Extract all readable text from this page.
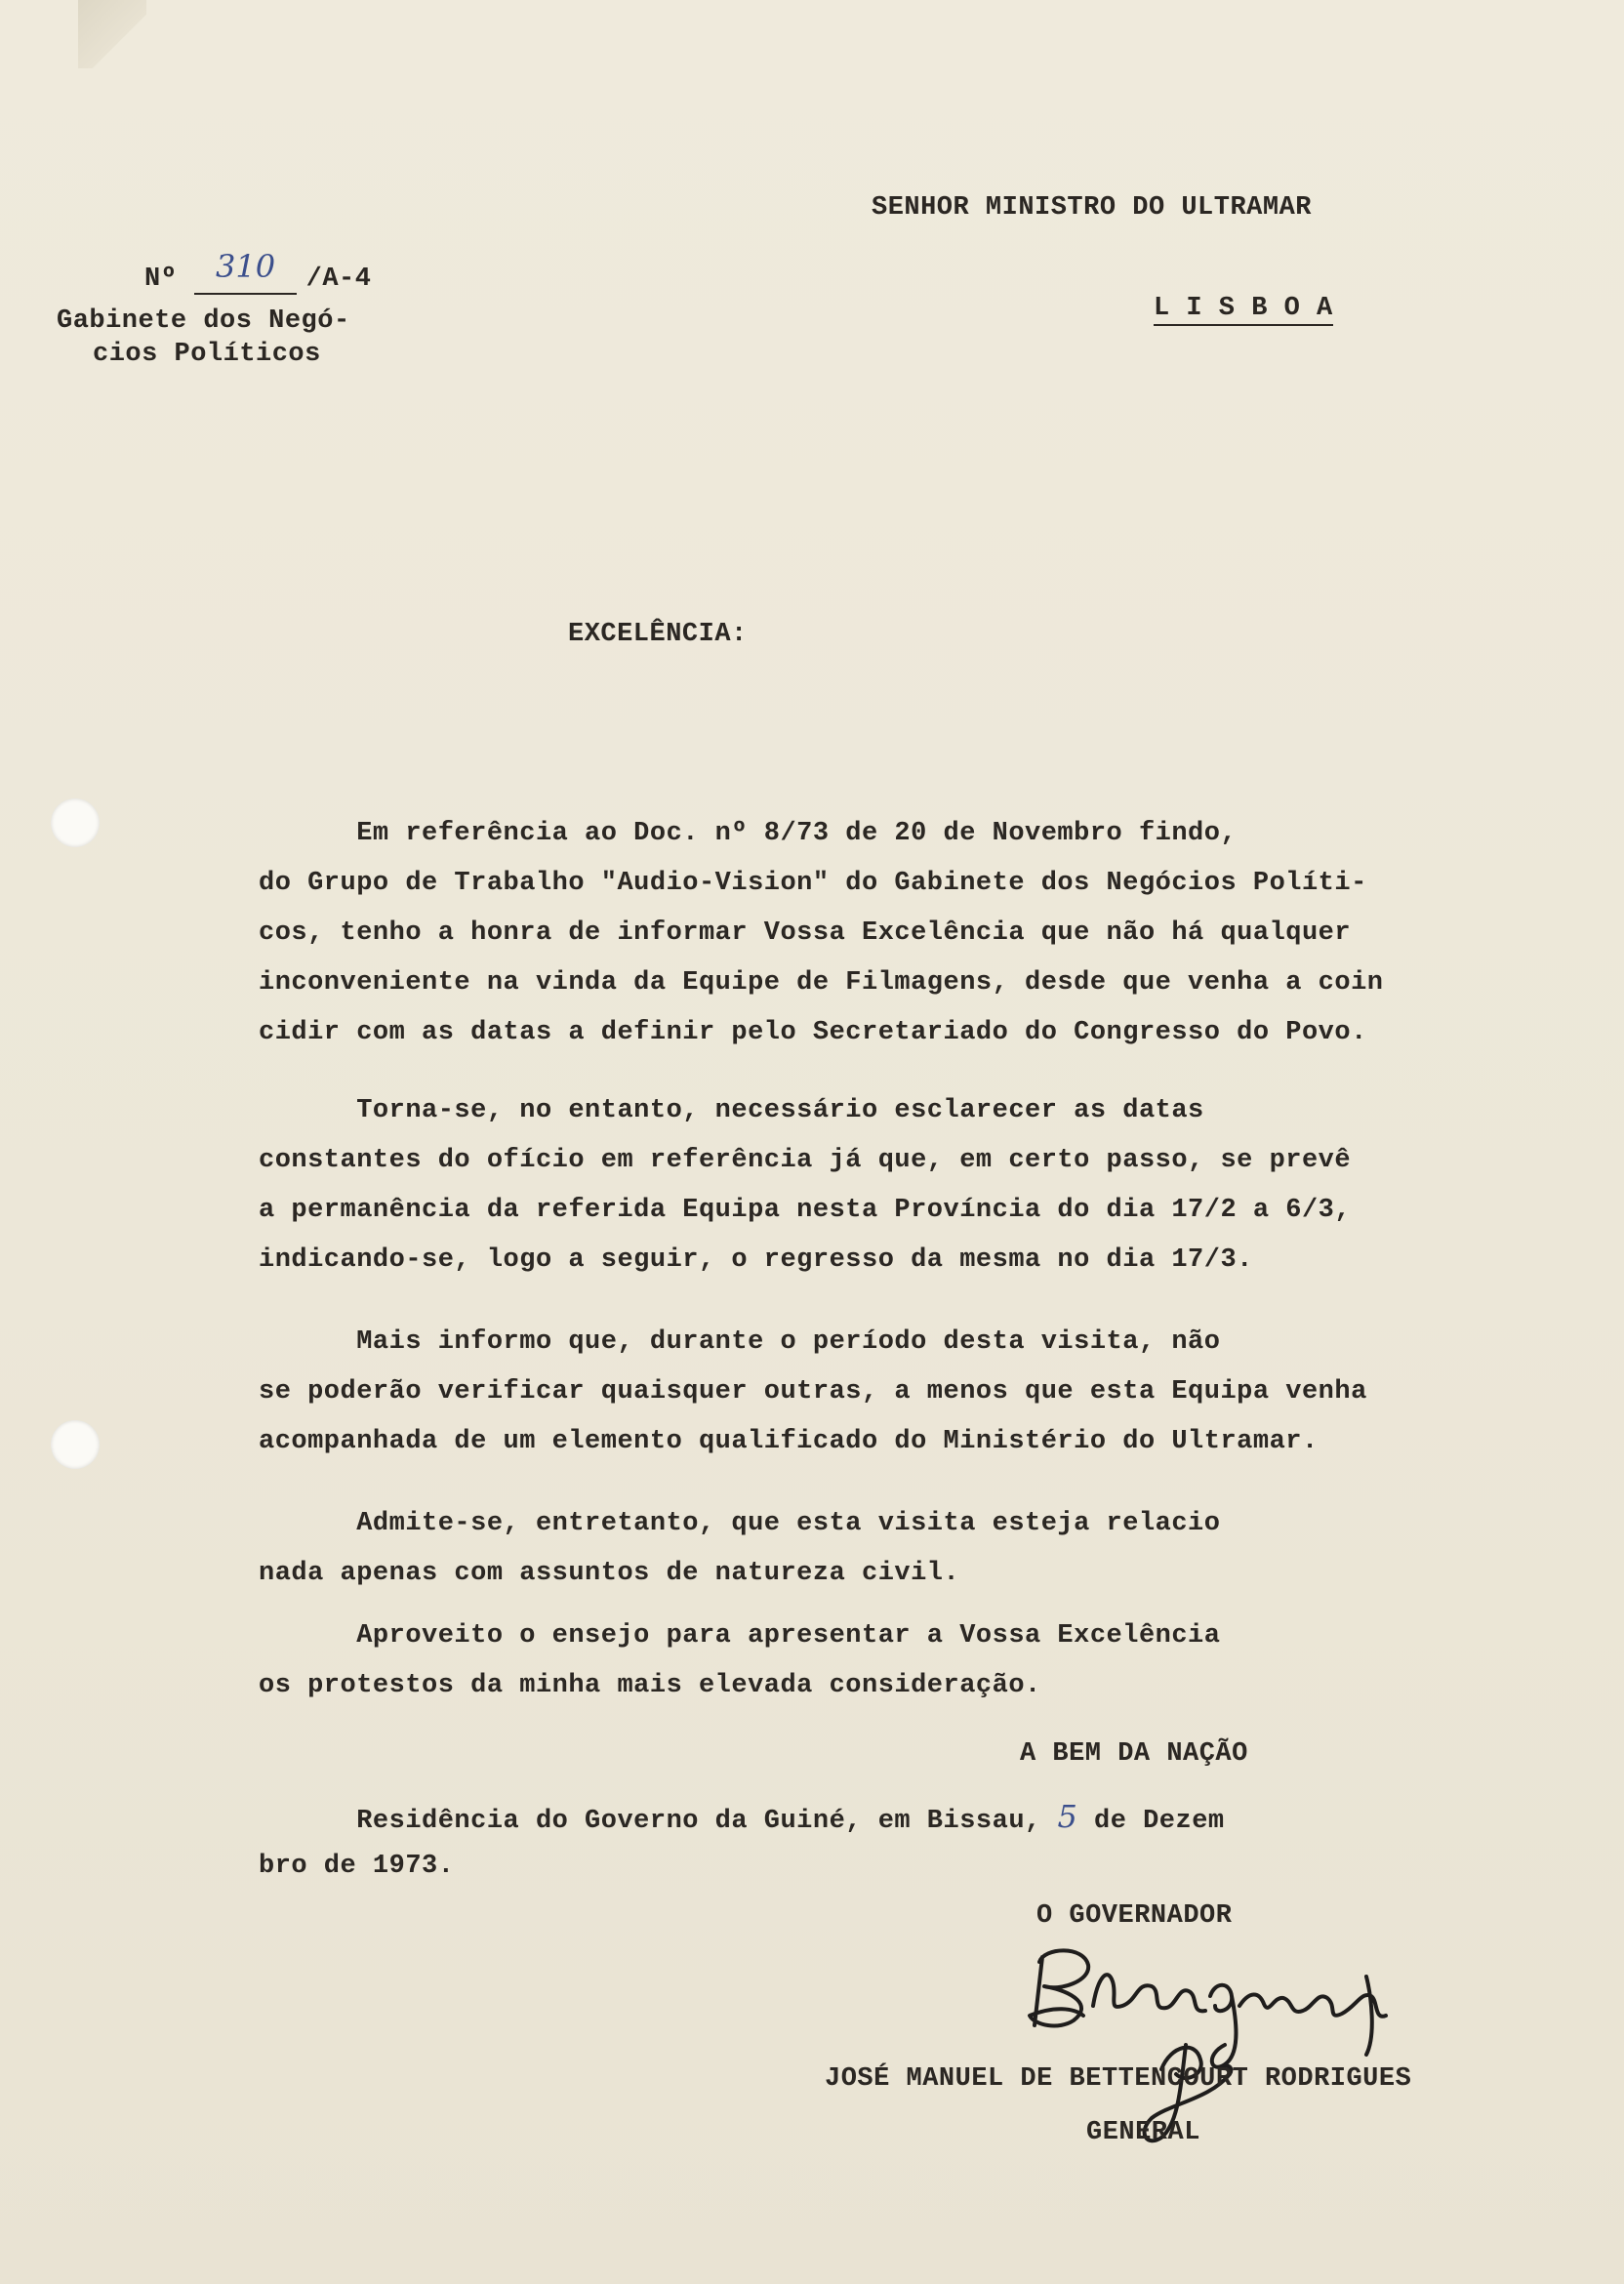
SENHOR MINISTRO DO ULTRAMAR
L I S B O A
Nº 310 /A-4
Gabinete dos Negó-
cios Políticos
EXCELÊNCIA:
Em referência ao Doc. nº 8/73 de 20 de Novembro findo,
do Grupo de Trabalho "Audio-Vision" do Gabinete dos Negócios Políti-
cos, tenho a honra de informar Vossa Excelência que não há qualquer
inconveniente na vinda da Equipe de Filmagens, desde que venha a coin
cidir com as datas a definir pelo Secretariado do Congresso do Povo.
Torna-se, no entanto, necessário esclarecer as datas
constantes do ofício em referência já que, em certo passo, se prevê
a permanência da referida Equipa nesta Província do dia 17/2 a 6/3,
indicando-se, logo a seguir, o regresso da mesma no dia 17/3.
Mais informo que, durante o período desta visita, não
se poderão verificar quaisquer outras, a menos que esta Equipa venha
acompanhada de um elemento qualificado do Ministério do Ultramar.
Admite-se, entretanto, que esta visita esteja relacio
nada apenas com assuntos de natureza civil.
Aproveito o ensejo para apresentar a Vossa Excelência
os protestos da minha mais elevada consideração.
A BEM DA NAÇÃO
Residência do Governo da Guiné, em Bissau, 5 de Dezem
bro de 1973.
O GOVERNADOR
JOSÉ MANUEL DE BETTENCOURT RODRIGUES
GENERAL
